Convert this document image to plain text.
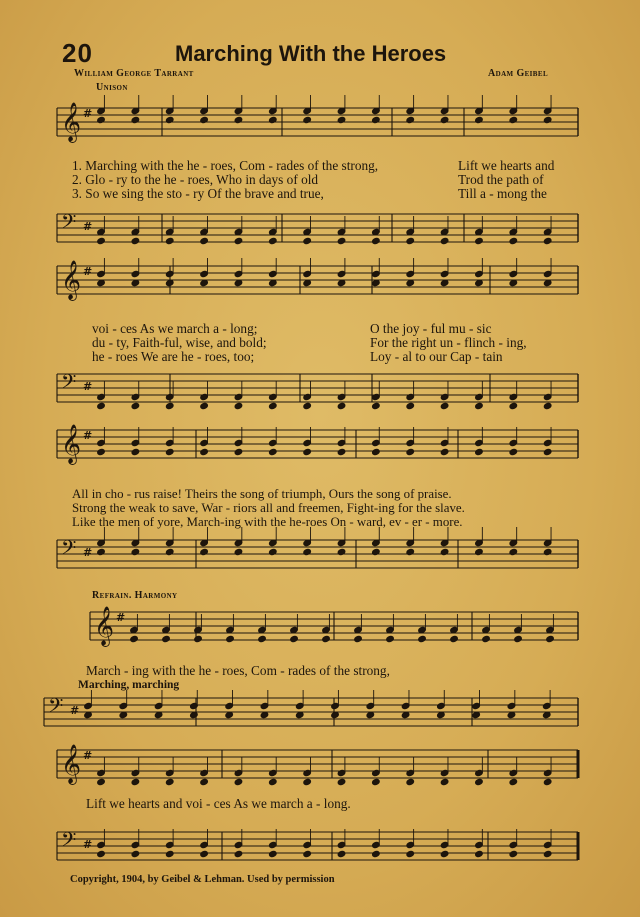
20	Marching With the Heroes
William George Tarrant	Adam Geibel
Unison
Refrain. Harmony
𝄞 #
𝄢 #
𝄞 #
𝄢 #
𝄞 #
𝄢 #
𝄞 #
𝄢 #
𝄞 #
𝄢 #
1. Marching with the he - roes, Com - rades of the strong,	Lift we hearts and
2. Glo - ry to the he - roes, Who in days of old	Trod the path of
3. So we sing the sto - ry Of the brave and true,	Till a - mong the
voi - ces As we march a - long;	O the joy - ful mu - sic
du - ty, Faith-ful, wise, and bold;	For the right un - flinch - ing,
he - roes We are he - roes, too;	Loy - al to our Cap - tain
All in cho - rus raise! Theirs the song of triumph, Ours the song of praise.
Strong the weak to save, War - riors all and freemen, Fight-ing for the slave.
Like the men of yore, March-ing with the he-roes On - ward, ev - er - more.
March - ing with the he - roes, Com - rades of the strong,
Marching, marching
Lift we hearts and voi - ces As we march a - long.
Copyright, 1904, by Geibel & Lehman. Used by permission
